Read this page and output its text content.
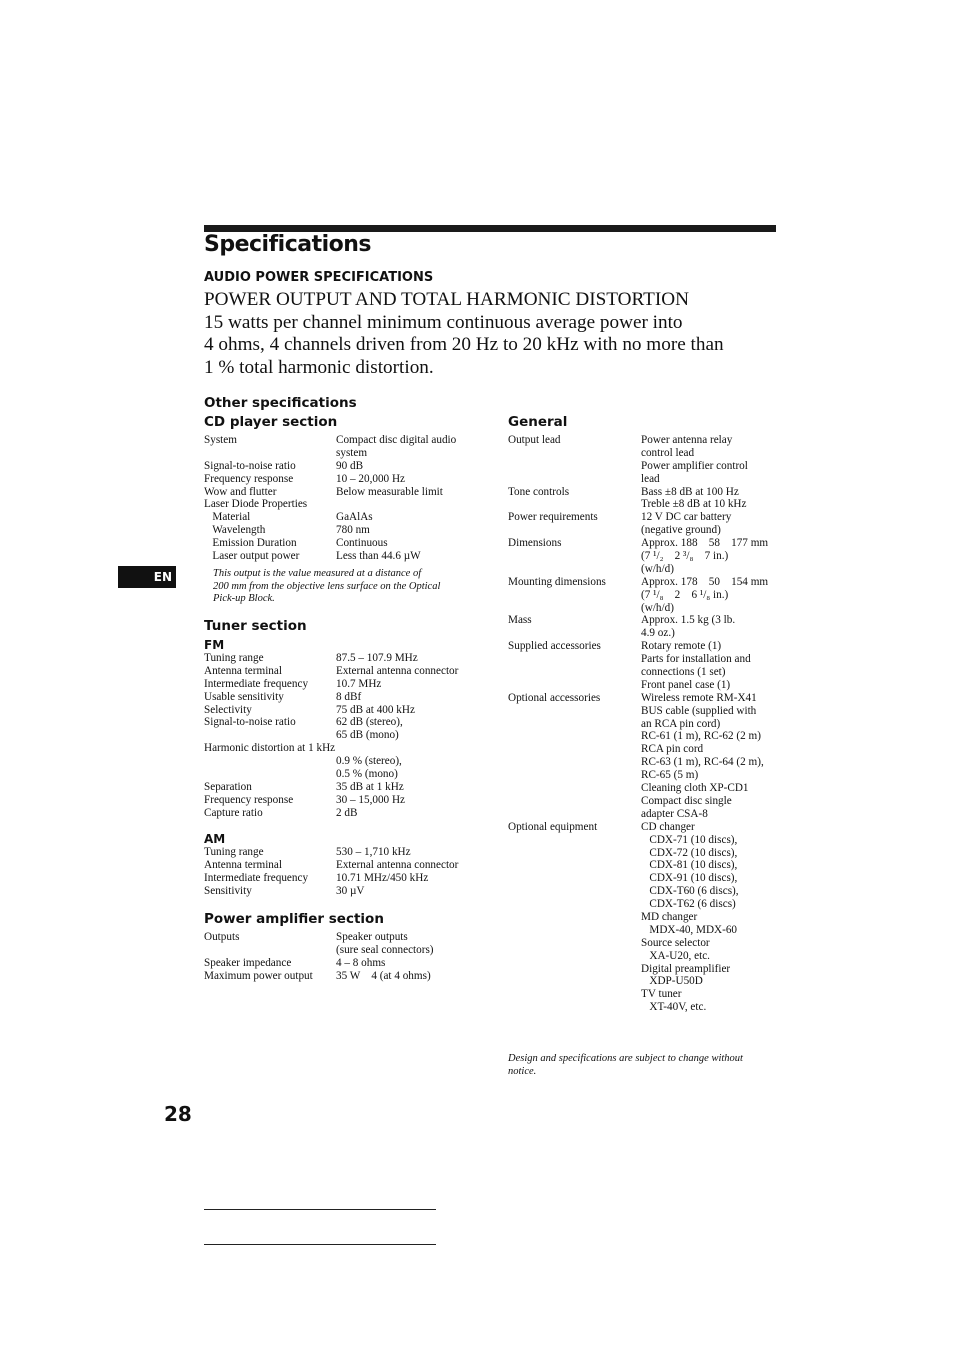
Specifications
AUDIO POWER SPECIFICATIONS
POWER OUTPUT AND TOTAL HARMONIC DISTORTION
15 watts per channel minimum continuous average power into
4 ohms, 4 channels driven from 20 Hz to 20 kHz with no more than
1 % total harmonic distortion.
Other specifications
CD player section
System	Compact disc digital audio
system
Signal-to-noise ratio	90 dB
Frequency response	10 – 20,000 Hz
Wow and flutter	Below measurable limit
Laser Diode Properties
Material	GaAlAs
Wavelength	780 nm
Emission Duration	Continuous
Laser output power	Less than 44.6 µW
This output is the value measured at a distance of
200 mm from the objective lens surface on the Optical
Pick-up Block.
Tuner section
FM
Tuning range	87.5 – 107.9 MHz
Antenna terminal	External antenna connector
Intermediate frequency 10.7 MHz
Usable sensitivity	8 dBf
Selectivity	75 dB at 400 kHz
Signal-to-noise ratio	62 dB (stereo),
65 dB (mono)
Harmonic distortion at 1 kHz
0.9 % (stereo),
0.5 % (mono)
Separation	35 dB at 1 kHz
Frequency response	30 – 15,000 Hz
Capture ratio	2 dB
AM
Tuning range	530 – 1,710 kHz
Antenna terminal	External antenna connector
Intermediate frequency 10.71 MHz/450 kHz
Sensitivity	30 µV
Power amplifier section
Outputs	Speaker outputs
(sure seal connectors)
Speaker impedance	4 – 8 ohms
Maximum power output 35 W    4 (at 4 ohms)
General
Output lead	Power antenna relay
control lead
Power amplifier control
lead
Tone controls	Bass ±8 dB at 100 Hz
Treble ±8 dB at 10 kHz
Power requirements	12 V DC car battery
(negative ground)
Dimensions	Approx. 188    58    177 mm
(7 ¹/₂    2 ³/₈    7 in.)
(w/h/d)
Mounting dimensions	Approx. 178    50    154 mm
(7 ¹/₈    2    6 ¹/₈ in.)
(w/h/d)
Mass	Approx. 1.5 kg (3 lb.
4.9 oz.)
Supplied accessories	Rotary remote (1)
Parts for installation and
connections (1 set)
Front panel case (1)
Optional accessories	Wireless remote RM-X41
BUS cable (supplied with
an RCA pin cord)
RC-61 (1 m), RC-62 (2 m)
RCA pin cord
RC-63 (1 m), RC-64 (2 m),
RC-65 (5 m)
Cleaning cloth XP-CD1
Compact disc single
adapter CSA-8
Optional equipment	CD changer
CDX-71 (10 discs),
CDX-72 (10 discs),
CDX-81 (10 discs),
CDX-91 (10 discs),
CDX-T60 (6 discs),
CDX-T62 (6 discs)
MD changer
MDX-40, MDX-60
Source selector
XA-U20, etc.
Digital preamplifier
XDP-U50D
TV tuner
XT-40V, etc.
Design and specifications are subject to change without
notice.
EN
28
